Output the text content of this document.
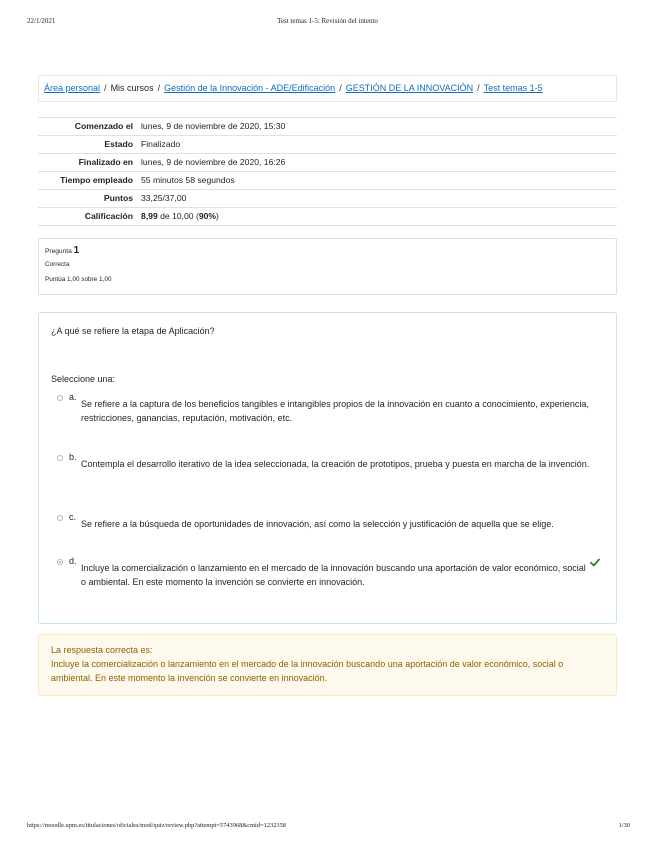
22/1/2021	Test temas 1-5: Revisión del intento
Área personal / Mis cursos / Gestión de la Innovación - ADE/Edificación / GESTIÓN DE LA INNOVACIÓN / Test temas 1-5
Comenzado el	lunes, 9 de noviembre de 2020, 15:30
Estado	Finalizado
Finalizado en	lunes, 9 de noviembre de 2020, 16:26
Tiempo empleado	55 minutos 58 segundos
Puntos	33,25/37,00
Calificación	8,99 de 10,00 (90%)
Pregunta 1
Correcta
Puntúa 1,00 sobre 1,00
¿A qué se refiere la etapa de Aplicación?
Seleccione una:
a.
Se refiere a la captura de los beneficios tangibles e intangibles propios de la innovación en cuanto a conocimiento, experiencia, restricciones, ganancias, reputación, motivación, etc.
b.
Contempla el desarrollo iterativo de la idea seleccionada, la creación de prototipos, prueba y puesta en marcha de la invención.
c.
Se refiere a la búsqueda de oportunidades de innovación, así como la selección y justificación de aquella que se elige.
d.
Incluye la comercialización o lanzamiento en el mercado de la innovación buscando una aportación de valor económico, social o ambiental. En este momento la invención se convierte en innovación.
La respuesta correcta es:
Incluye la comercialización o lanzamiento en el mercado de la innovación buscando una aportación de valor económico, social o ambiental. En este momento la invención se convierte en innovación.
https://moodle.upm.es/titulaciones/oficiales/mod/quiz/review.php?attempt=5743968&cmid=1232358	1/30
